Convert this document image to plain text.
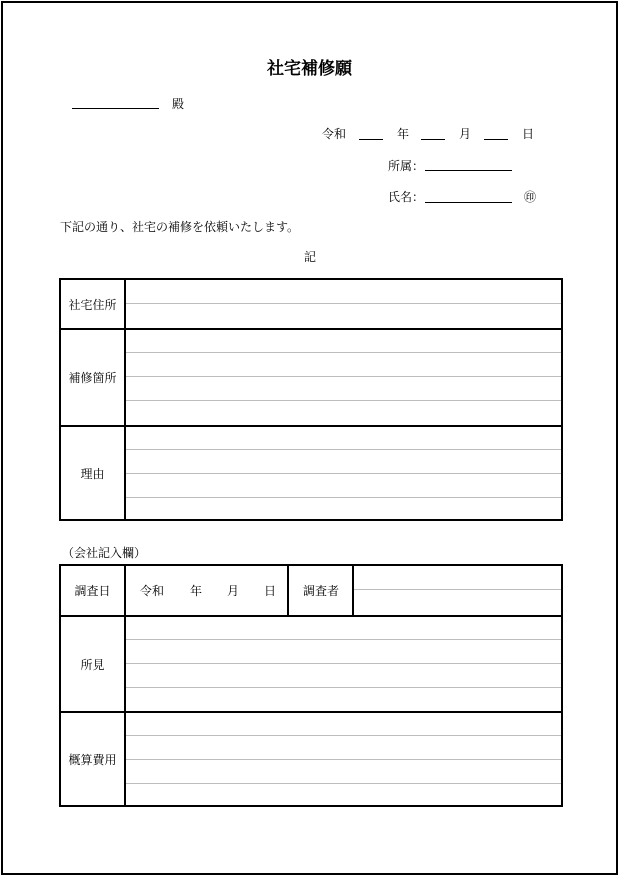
社宅補修願
殿
令和	年	月	日
所属：
氏名：	㊞
下記の通り、社宅の補修を依頼いたします。
記
社宅住所
補修箇所
理由
（会社記入欄）
調査日	令和 年 月 日 調査者
所見
概算費用
